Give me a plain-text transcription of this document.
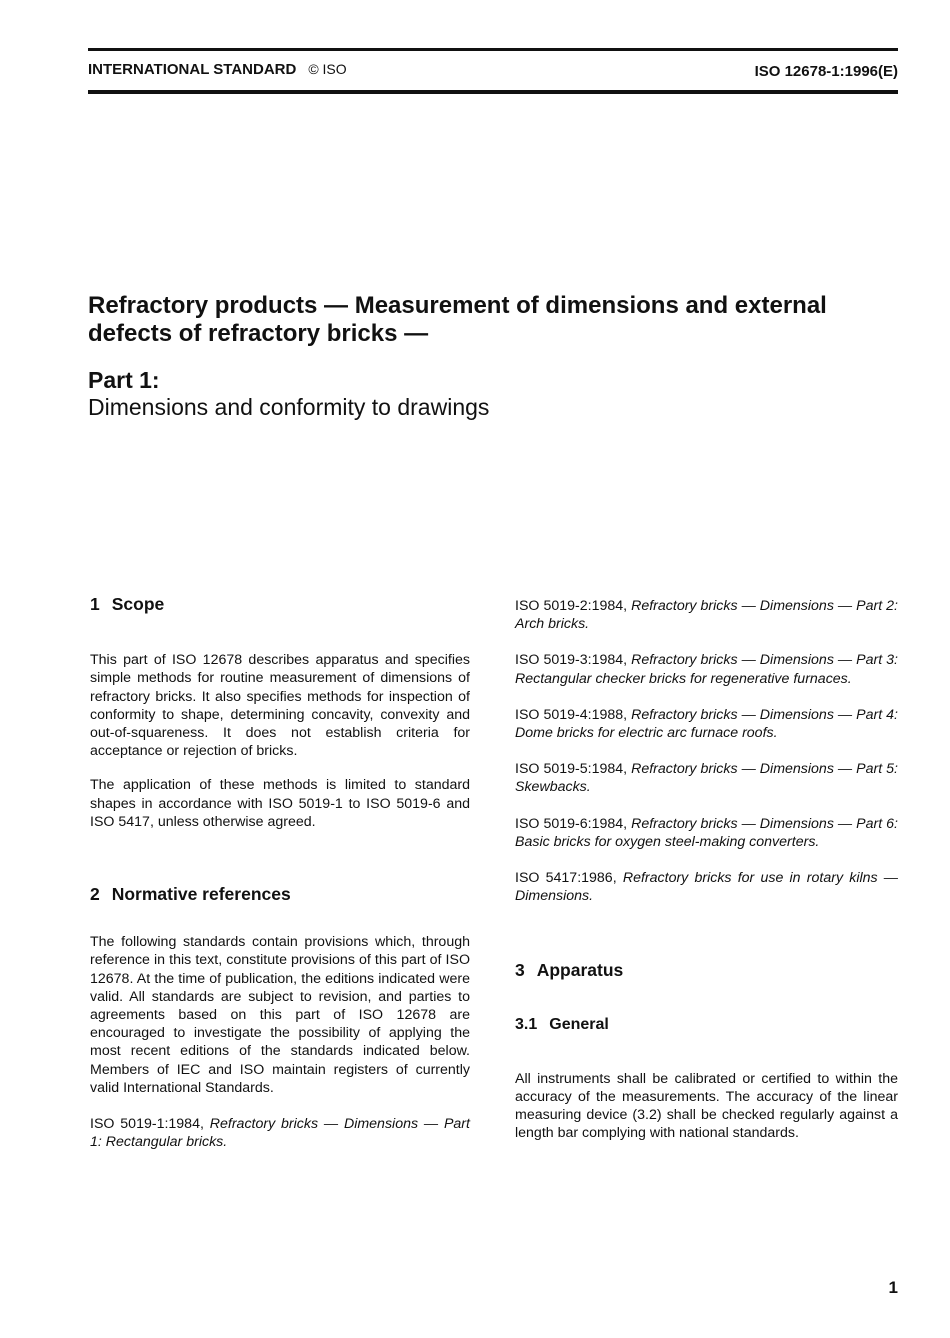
INTERNATIONAL STANDARD © ISO	ISO 12678-1:1996(E)
Refractory products — Measurement of dimensions and external defects of refractory bricks —
Part 1:
Dimensions and conformity to drawings
1 Scope

This part of ISO 12678 describes apparatus and specifies simple methods for routine measurement of dimensions of refractory bricks. It also specifies methods for inspection of conformity to shape, determining concavity, convexity and out-of-squareness. It does not establish criteria for acceptance or rejection of bricks.

The application of these methods is limited to standard shapes in accordance with ISO 5019-1 to ISO 5019-6 and ISO 5417, unless otherwise agreed.

2 Normative references

The following standards contain provisions which, through reference in this text, constitute provisions of this part of ISO 12678. At the time of publication, the editions indicated were valid. All standards are subject to revision, and parties to agreements based on this part of ISO 12678 are encouraged to investigate the possibility of applying the most recent editions of the standards indicated below. Members of IEC and ISO maintain registers of currently valid International Standards.

ISO 5019-1:1984, Refractory bricks — Dimensions — Part 1: Rectangular bricks.

ISO 5019-2:1984, Refractory bricks — Dimensions — Part 2: Arch bricks.

ISO 5019-3:1984, Refractory bricks — Dimensions — Part 3: Rectangular checker bricks for regenerative furnaces.

ISO 5019-4:1988, Refractory bricks — Dimensions — Part 4: Dome bricks for electric arc furnace roofs.

ISO 5019-5:1984, Refractory bricks — Dimensions — Part 5: Skewbacks.

ISO 5019-6:1984, Refractory bricks — Dimensions — Part 6: Basic bricks for oxygen steel-making converters.

ISO 5417:1986, Refractory bricks for use in rotary kilns — Dimensions.

3 Apparatus
3.1 General

All instruments shall be calibrated or certified to within the accuracy of the measurements. The accuracy of the linear measuring device (3.2) shall be checked regularly against a length bar complying with national standards.

1
